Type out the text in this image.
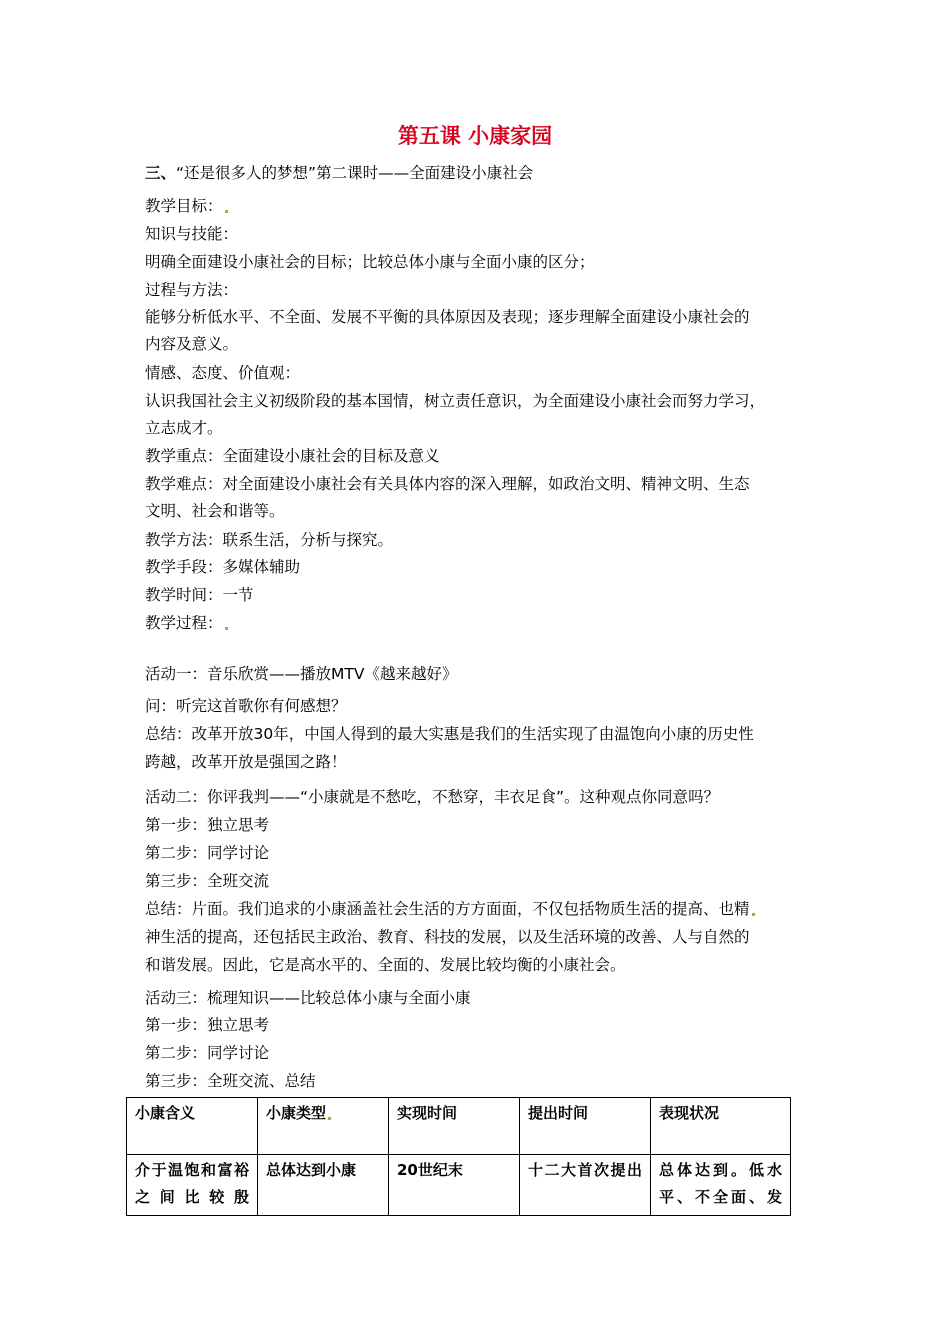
第五课 小康家园
三、“还是很多人的梦想”第二课时——全面建设小康社会
教学目标：
知识与技能：
明确全面建设小康社会的目标；比较总体小康与全面小康的区分；
过程与方法：
能够分析低水平、不全面、发展不平衡的具体原因及表现；逐步理解全面建设小康社会的
内容及意义。
情感、态度、价值观：
认识我国社会主义初级阶段的基本国情，树立责任意识，为全面建设小康社会而努力学习，
立志成才。
教学重点：全面建设小康社会的目标及意义
教学难点：对全面建设小康社会有关具体内容的深入理解，如政治文明、精神文明、生态
文明、社会和谐等。
教学方法：联系生活，分析与探究。
教学手段：多媒体辅助
教学时间：一节
教学过程：
活动一：音乐欣赏——播放MTV《越来越好》
问：听完这首歌你有何感想？
总结：改革开放30年，中国人得到的最大实惠是我们的生活实现了由温饱向小康的历史性
跨越，改革开放是强国之路！
活动二：你评我判——“小康就是不愁吃，不愁穿，丰衣足食”。这种观点你同意吗？
第一步：独立思考
第二步：同学讨论
第三步：全班交流
总结：片面。我们追求的小康涵盖社会生活的方方面面，不仅包括物质生活的提高、也精
神生活的提高，还包括民主政治、教育、科技的发展，以及生活环境的改善、人与自然的
和谐发展。因此，它是高水平的、全面的、发展比较均衡的小康社会。
活动三：梳理知识——比较总体小康与全面小康
第一步：独立思考
第二步：同学讨论
第三步：全班交流、总结
小康含义	小康类型	实现时间	提出时间	表现状况
介于温饱和富裕之间比较殷	总体达到小康	20世纪末	十二大首次提出	总体达到。低水平、不全面、发
